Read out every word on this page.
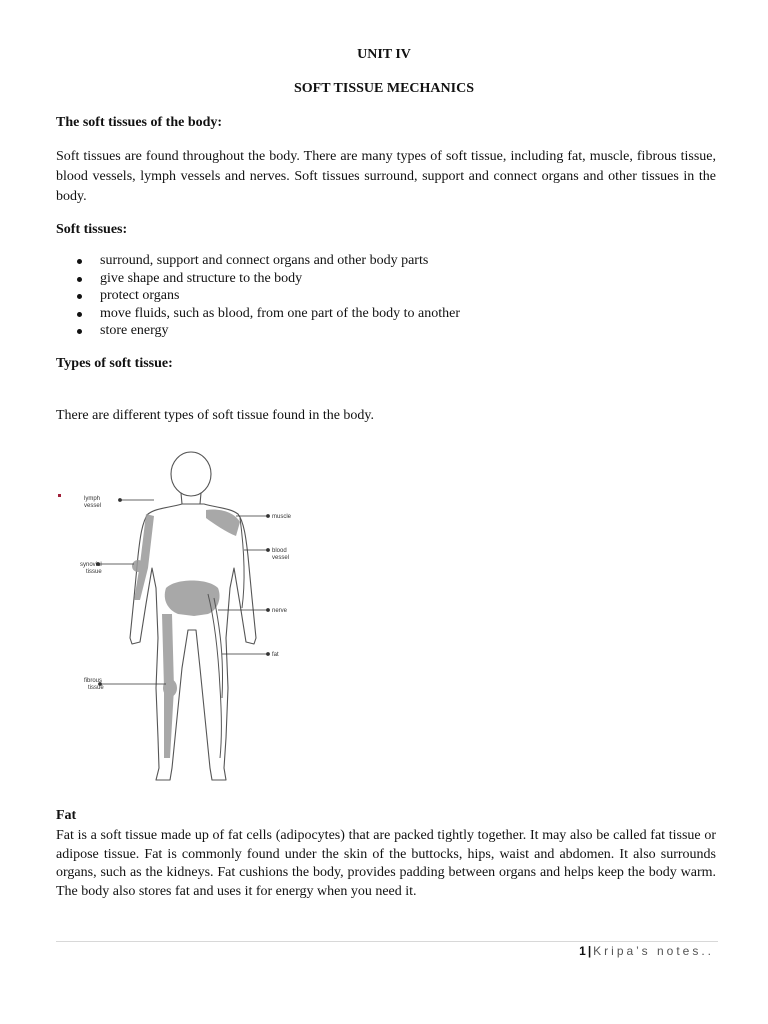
UNIT IV
SOFT TISSUE MECHANICS
The soft tissues of the body:
Soft tissues are found throughout the body. There are many types of soft tissue, including fat, muscle, fibrous tissue, blood vessels, lymph vessels and nerves. Soft tissues surround, support and connect organs and other tissues in the body.
Soft tissues:
surround, support and connect organs and other body parts
give shape and structure to the body
protect organs
move fluids, such as blood, from one part of the body to another
store energy
Types of soft tissue:
There are different types of soft tissue found in the body.
lymph
vessel
synovial
tissue
fibrous
tissue
muscle
blood
vessel
nerve
fat
Fat
Fat is a soft tissue made up of fat cells (adipocytes) that are packed tightly together. It may also be called fat tissue or adipose tissue. Fat is commonly found under the skin of the buttocks, hips, waist and abdomen. It also surrounds organs, such as the kidneys. Fat cushions the body, provides padding between organs and helps keep the body warm. The body also stores fat and uses it for energy when you need it.
1 | Kripa’s notes..
